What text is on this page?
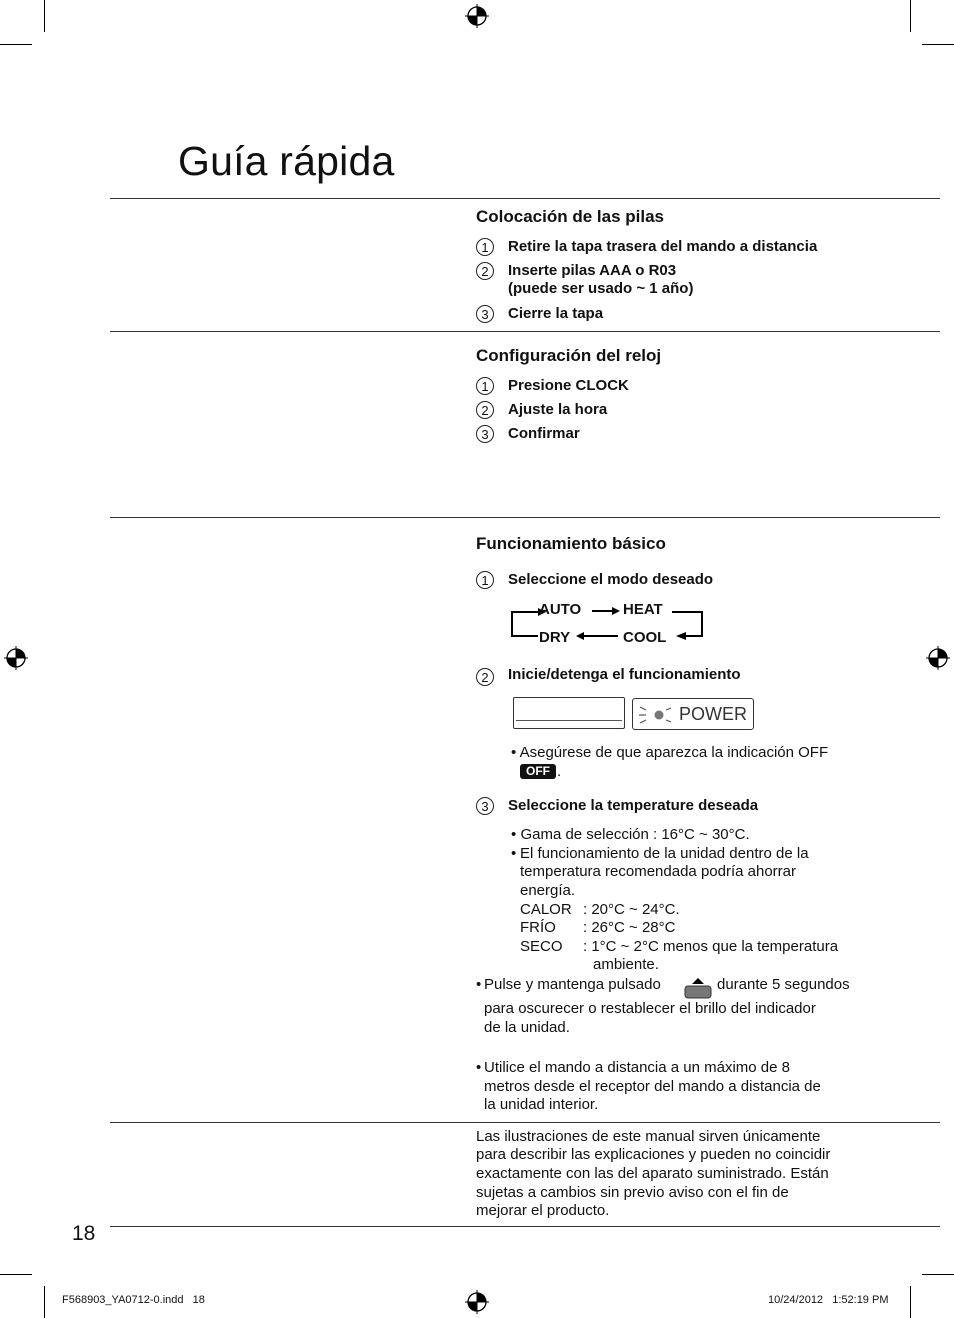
Guía rápida
Colocación de las pilas
1	Retire la tapa trasera del mando a distancia
2	Inserte pilas AAA o R03
(puede ser usado ~ 1 año)
3	Cierre la tapa
Configuración del reloj
1	Presione CLOCK
2	Ajuste la hora
3	Confirmar
Funcionamiento básico
1	Seleccione el modo deseado
AUTO	HEAT
DRY	COOL
2	Inicie/detenga el funcionamiento
POWER
• Asegúrese de que aparezca la indicación OFF
OFF .
3	Seleccione la temperature deseada
• Gama de selección : 16°C ~ 30°C.
• El funcionamiento de la unidad dentro de la
temperatura recomendada podría ahorrar
energía.
CALOR : 20°C ~ 24°C.
FRÍO : 26°C ~ 28°C
SECO : 1°C ~ 2°C menos que la temperatura
ambiente.
• Pulse y mantenga pulsado	durante 5 segundos
para oscurecer o restablecer el brillo del indicador
de la unidad.
• Utilice el mando a distancia a un máximo de 8
metros desde el receptor del mando a distancia de
la unidad interior.
Las ilustraciones de este manual sirven únicamente
para describir las explicaciones y pueden no coincidir
exactamente con las del aparato suministrado. Están
sujetas a cambios sin previo aviso con el fin de
mejorar el producto.
18
F568903_YA0712-0.indd   18	10/24/2012   1:52:19 PM
